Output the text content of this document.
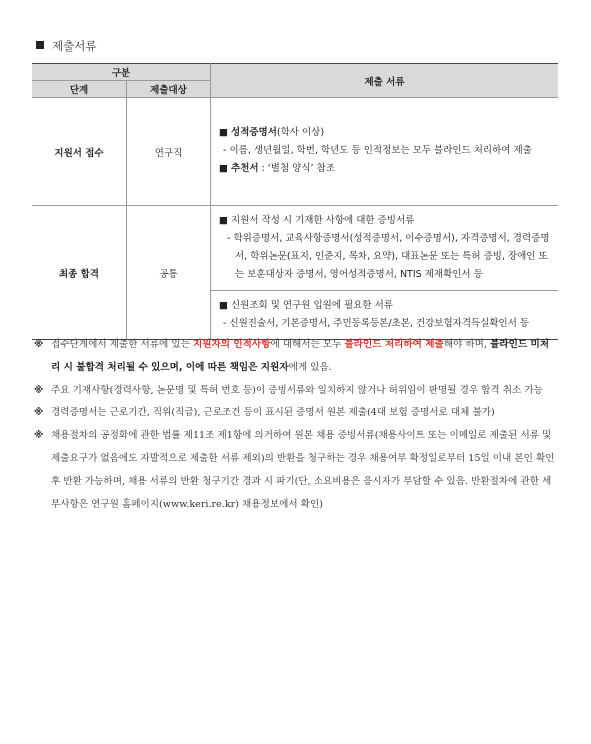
제출서류
구분		제출 서류
단계	제출대상	
지원서 접수	연구직	■ 성적증명서(학사 이상)
- 이름, 생년월일, 학번, 학년도 등 인적정보는 모두 블라인드 처리하여 제출
■ 추천서 : ‘별첨 양식’ 참조

최종 합격	공통	■ 지원서 작성 시 기재한 사항에 대한 증빙서류
- 학위증명서, 교육사항증명서(성적증명서, 이수증명서), 자격증명서, 경력증명서, 학위논문(표지, 인준지, 목차, 요약), 대표논문 또는 특허 증빙, 장애인 또는 보훈대상자 증명서, 영어성적증명서, NTIS 제재확인서 등
■ 신원조회 및 연구원 입원에 필요한 서류
- 신원진술서, 기본증명서, 주민등록등본/초본, 건강보험자격득실확인서 등
※ 접수단계에서 제출한 서류에 있는 지원자의 인적사항에 대해서는 모두 블라인드 처리하여 제출해야 하며, 블라인드 미처리 시 불합격 처리될 수 있으며, 이에 따른 책임은 지원자에게 있음.
※ 주요 기재사항(경력사항, 논문명 및 특허 번호 등)이 증빙서류와 일치하지 않거나 허위임이 판명될 경우 합격 취소 가능
※ 경력증명서는 근로기간, 직위(직급), 근로조건 등이 표시된 증명서 원본 제출(4대 보험 증명서로 대체 불가)
※ 채용절차의 공정화에 관한 법률 제11조 제1항에 의거하여 원본 채용 증빙서류(채용사이트 또는 이메일로 제출된 서류 및 제출요구가 없음에도 자발적으로 제출한 서류 제외)의 반환을 청구하는 경우 채용여부 확정일로부터 15일 이내 본인 확인 후 반환 가능하며, 채용 서류의 반환 청구기간 경과 시 파기(단, 소요비용은 응시자가 부담할 수 있음. 반환절차에 관한 세부사항은 연구원 홈페이지(www.keri.re.kr) 채용정보에서 확인)
